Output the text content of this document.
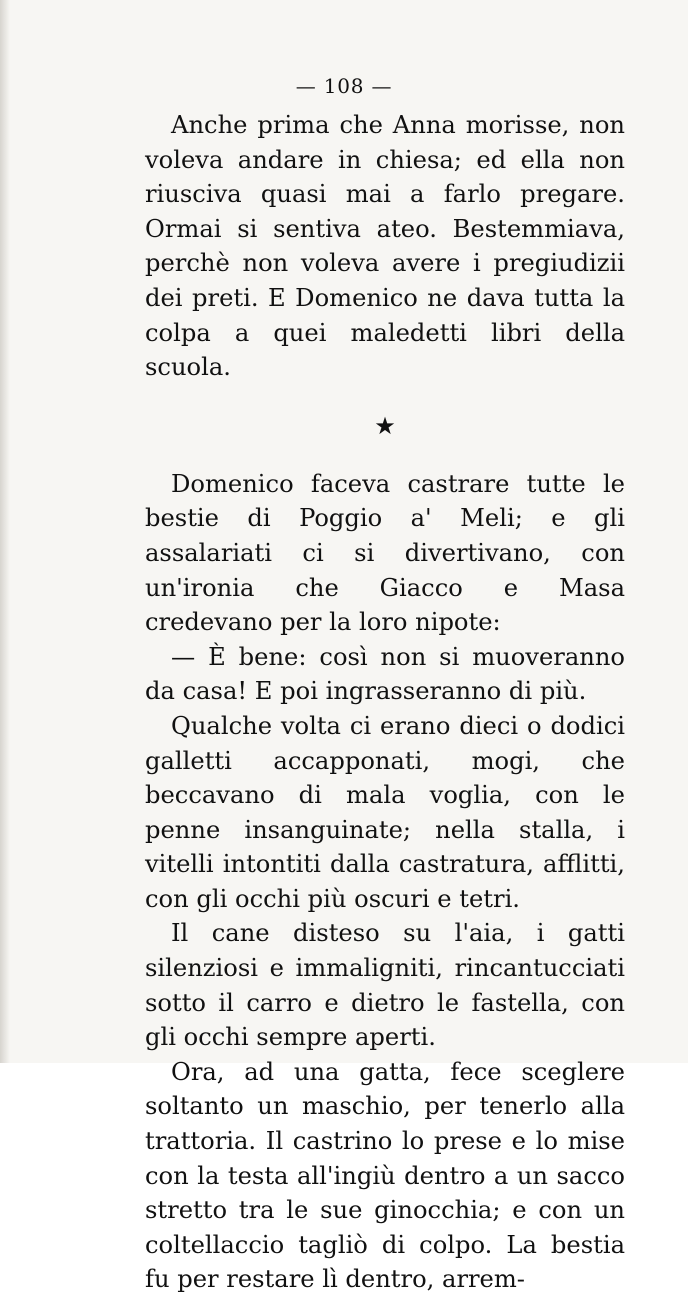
— 108 —

Anche prima che Anna morisse, non voleva andare in chiesa; ed ella non riusciva quasi mai a farlo pregare. Ormai si sentiva ateo. Bestemmiava, perchè non voleva avere i pregiudizii dei preti. E Domenico ne dava tutta la colpa a quei maledetti libri della scuola.

★

Domenico faceva castrare tutte le bestie di Poggio a' Meli; e gli assalariati ci si divertivano, con un'ironia che Giacco e Masa credevano per la loro nipote:

— È bene: così non si muoveranno da casa! E poi ingrasseranno di più.

Qualche volta ci erano dieci o dodici galletti accapponati, mogi, che beccavano di mala voglia, con le penne insanguinate; nella stalla, i vitelli intontiti dalla castratura, afflitti, con gli occhi più oscuri e tetri.

Il cane disteso su l'aia, i gatti silenziosi e immaligniti, rincantucciati sotto il carro e dietro le fastella, con gli occhi sempre aperti.

Ora, ad una gatta, fece sceglere soltanto un maschio, per tenerlo alla trattoria. Il castrino lo prese e lo mise con la testa all'ingiù dentro a un sacco stretto tra le sue ginocchia; e con un coltellaccio tagliò di colpo. La bestia fu per restare lì dentro, arrem-
